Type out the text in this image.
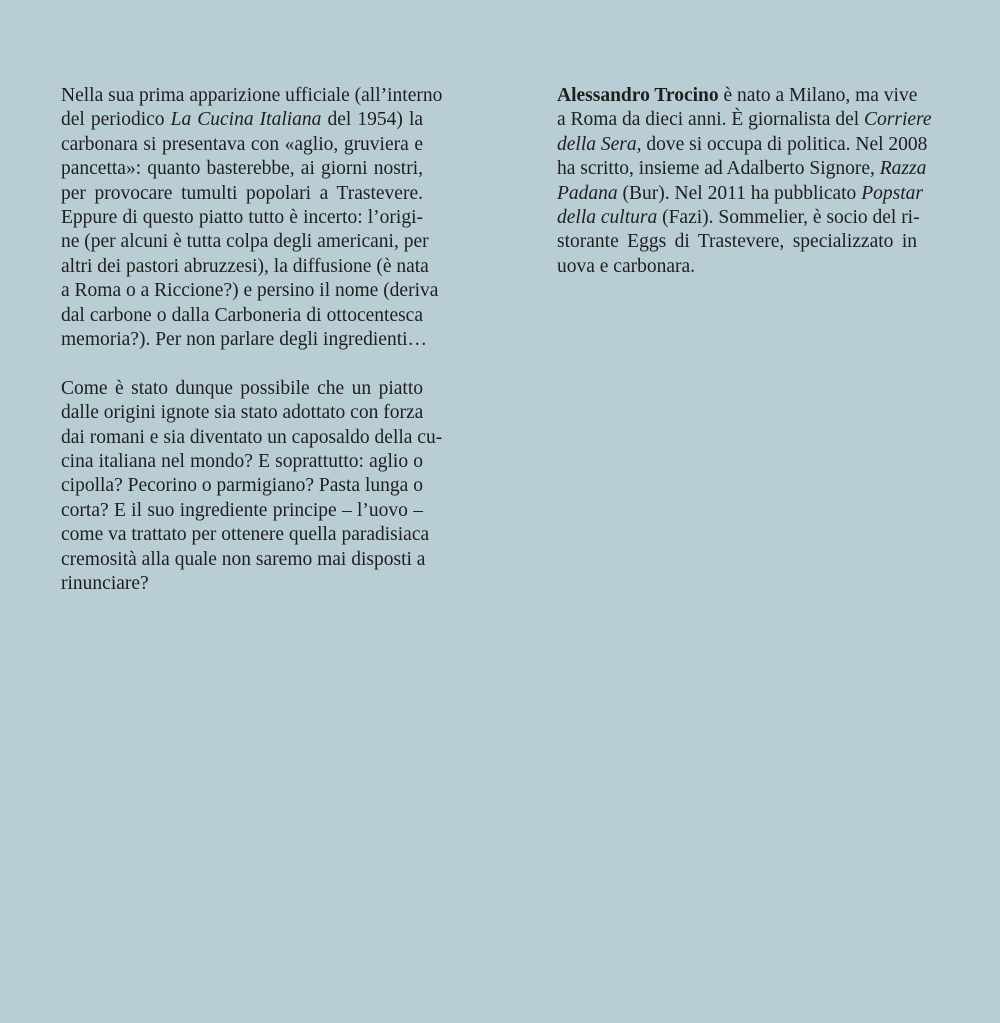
Nella sua prima apparizione ufficiale (all’interno
del periodico La Cucina Italiana del 1954) la
carbonara si presentava con «aglio, gruviera e
pancetta»: quanto basterebbe, ai giorni nostri,
per provocare tumulti popolari a Trastevere.
Eppure di questo piatto tutto è incerto: l’origi-
ne (per alcuni è tutta colpa degli americani, per
altri dei pastori abruzzesi), la diffusione (è nata
a Roma o a Riccione?) e persino il nome (deriva
dal carbone o dalla Carboneria di ottocentesca
memoria?). Per non parlare degli ingredienti…

Come è stato dunque possibile che un piatto
dalle origini ignote sia stato adottato con forza
dai romani e sia diventato un caposaldo della cu-
cina italiana nel mondo? E soprattutto: aglio o
cipolla? Pecorino o parmigiano? Pasta lunga o
corta? E il suo ingrediente principe – l’uovo –
come va trattato per ottenere quella paradisiaca
cremosità alla quale non saremo mai disposti a
rinunciare?

Alessandro Trocino è nato a Milano, ma vive
a Roma da dieci anni. È giornalista del Corriere
della Sera, dove si occupa di politica. Nel 2008
ha scritto, insieme ad Adalberto Signore, Razza
Padana (Bur). Nel 2011 ha pubblicato Popstar
della cultura (Fazi). Sommelier, è socio del ri-
storante Eggs di Trastevere, specializzato in
uova e carbonara.
